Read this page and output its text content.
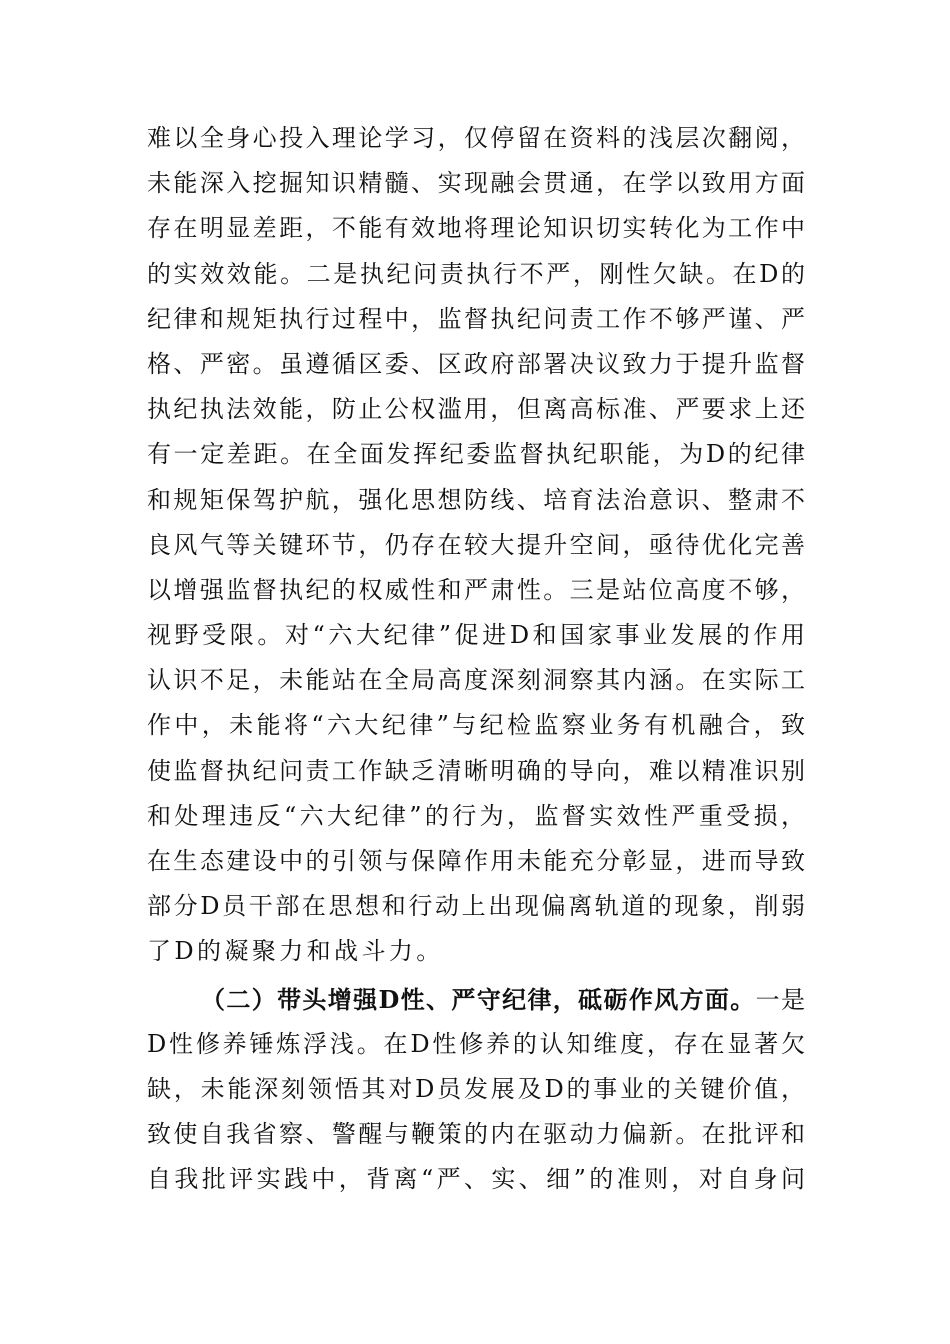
难以全身心投入理论学习，仅停留在资料的浅层次翻阅，
未能深入挖掘知识精髓、实现融会贯通，在学以致用方面
存在明显差距，不能有效地将理论知识切实转化为工作中
的实效效能。二是执纪问责执行不严，刚性欠缺。在D的
纪律和规矩执行过程中，监督执纪问责工作不够严谨、严
格、严密。虽遵循区委、区政府部署决议致力于提升监督
执纪执法效能，防止公权滥用，但离高标准、严要求上还
有一定差距。在全面发挥纪委监督执纪职能，为D的纪律
和规矩保驾护航，强化思想防线、培育法治意识、整肃不
良风气等关键环节，仍存在较大提升空间，亟待优化完善
以增强监督执纪的权威性和严肃性。三是站位高度不够，
视野受限。对“六大纪律”促进D和国家事业发展的作用
认识不足，未能站在全局高度深刻洞察其内涵。在实际工
作中，未能将“六大纪律”与纪检监察业务有机融合，致
使监督执纪问责工作缺乏清晰明确的导向，难以精准识别
和处理违反“六大纪律”的行为，监督实效性严重受损，
在生态建设中的引领与保障作用未能充分彰显，进而导致
部分D员干部在思想和行动上出现偏离轨道的现象，削弱
了D的凝聚力和战斗力。
（二）带头增强D性、严守纪律，砥砺作风方面。一是
D性修养锤炼浮浅。在D性修养的认知维度，存在显著欠
缺，未能深刻领悟其对D员发展及D的事业的关键价值，
致使自我省察、警醒与鞭策的内在驱动力偏新。在批评和
自我批评实践中，背离“严、实、细”的准则，对自身问
